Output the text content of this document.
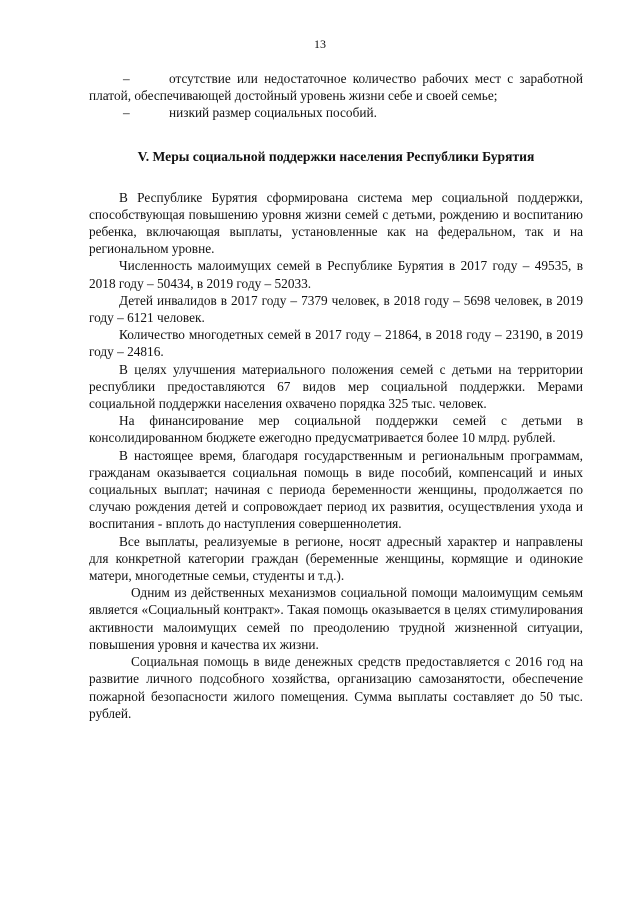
13

–	отсутствие или недостаточное количество рабочих мест с заработной платой, обеспечивающей достойный уровень жизни себе и своей семье;

–	низкий размер социальных пособий.

V. Меры социальной поддержки населения Республики Бурятия

В Республике Бурятия сформирована система мер социальной поддержки, способствующая повышению уровня жизни семей с детьми, рождению и воспитанию ребенка, включающая выплаты, установленные как на федеральном, так и на региональном уровне.

Численность малоимущих семей в Республике Бурятия в 2017 году – 49535, в 2018 году – 50434, в 2019 году – 52033.

Детей инвалидов в 2017 году – 7379 человек, в 2018 году – 5698 человек, в 2019 году – 6121 человек.

Количество многодетных семей в 2017 году – 21864, в 2018 году – 23190, в 2019 году – 24816.

В целях улучшения материального положения семей с детьми на территории республики предоставляются 67 видов мер социальной поддержки. Мерами социальной поддержки населения охвачено порядка 325 тыс. человек.

На финансирование мер социальной поддержки семей с детьми в консолидированном бюджете ежегодно предусматривается более 10 млрд. рублей.

В настоящее время, благодаря государственным и региональным программам, гражданам оказывается социальная помощь в виде пособий, компенсаций и иных социальных выплат; начиная с периода беременности женщины, продолжается по случаю рождения детей и сопровождает период их развития, осуществления ухода и воспитания - вплоть до наступления совершеннолетия.

Все выплаты, реализуемые в регионе, носят адресный характер и направлены для конкретной категории граждан (беременные женщины, кормящие и одинокие матери, многодетные семьи, студенты и т.д.).

Одним из действенных механизмов социальной помощи малоимущим семьям является «Социальный контракт». Такая помощь оказывается в целях стимулирования активности малоимущих семей по преодолению трудной жизненной ситуации, повышения уровня и качества их жизни.

Социальная помощь в виде денежных средств предоставляется с 2016 год на развитие личного подсобного хозяйства, организацию самозанятости, обеспечение пожарной безопасности жилого помещения. Сумма выплаты составляет до 50 тыс. рублей.
